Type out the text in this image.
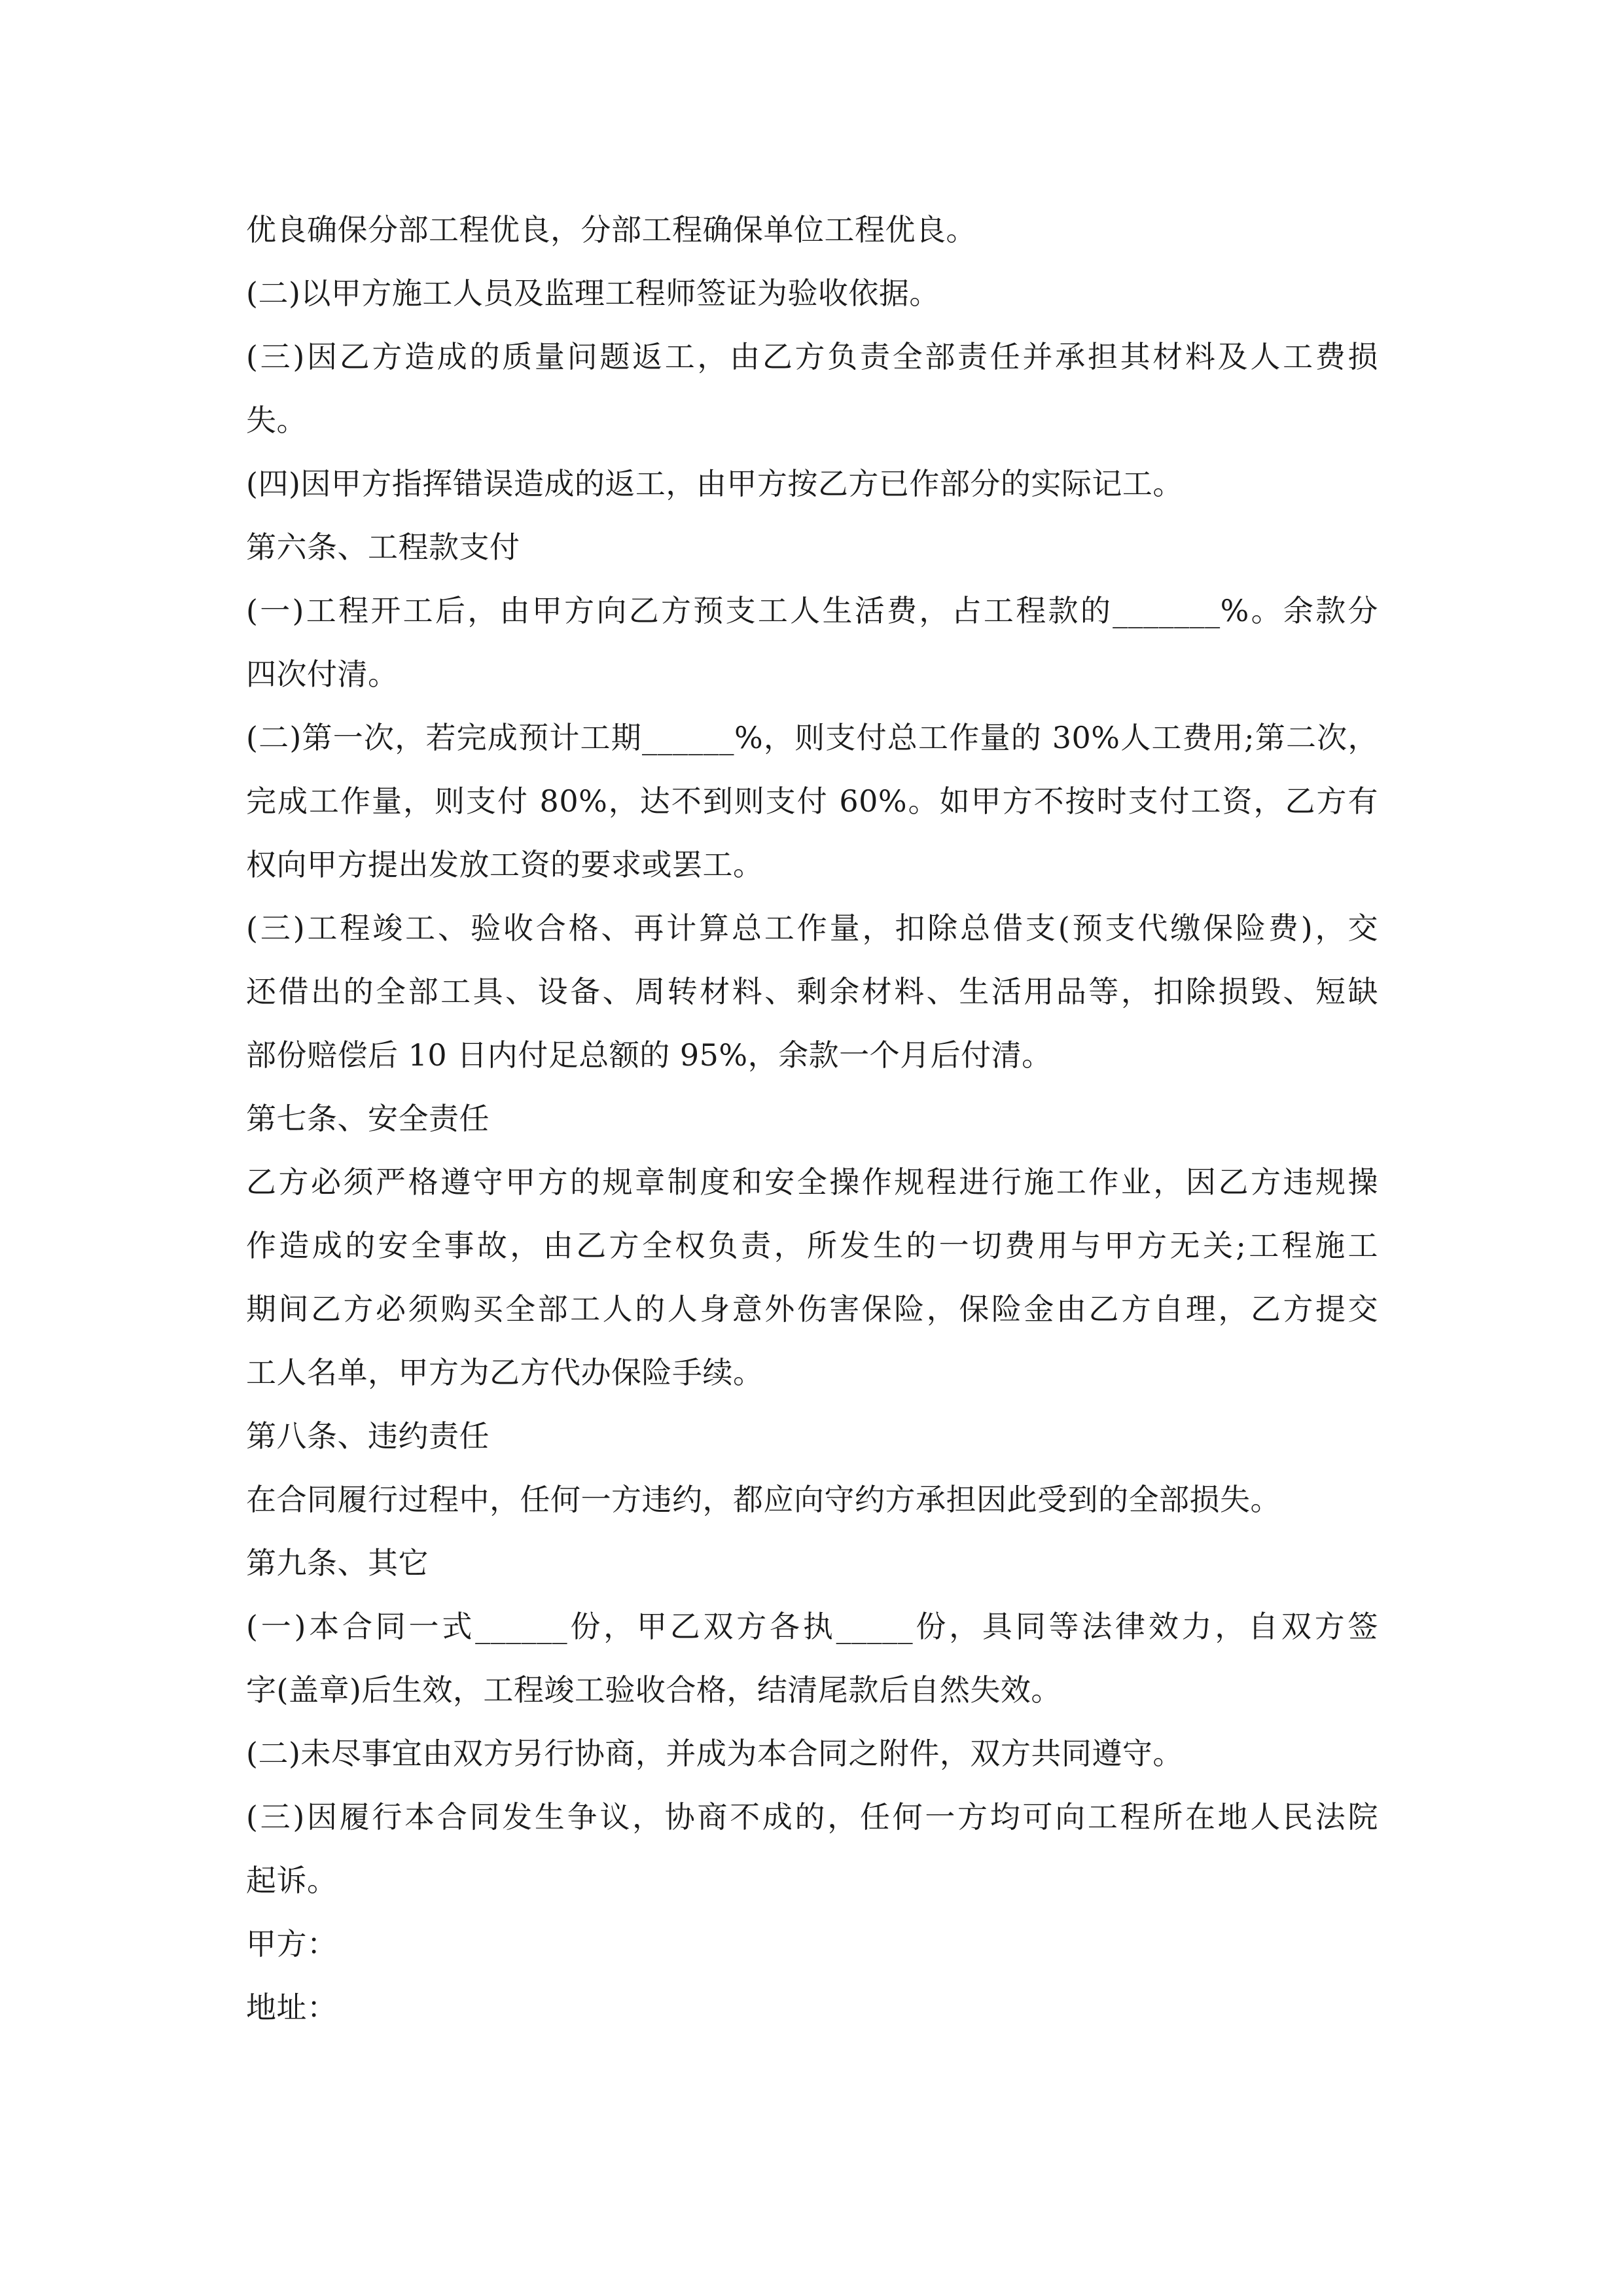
优良确保分部工程优良，分部工程确保单位工程优良。
(二)以甲方施工人员及监理工程师签证为验收依据。
(三)因乙方造成的质量问题返工，由乙方负责全部责任并承担其材料及人工费损
失。
(四)因甲方指挥错误造成的返工，由甲方按乙方已作部分的实际记工。
第六条、工程款支付
(一)工程开工后，由甲方向乙方预支工人生活费，占工程款的_______%。余款分
四次付清。
(二)第一次，若完成预计工期______%，则支付总工作量的 30%人工费用;第二次，
完成工作量，则支付 80%，达不到则支付 60%。如甲方不按时支付工资，乙方有
权向甲方提出发放工资的要求或罢工。
(三)工程竣工、验收合格、再计算总工作量，扣除总借支(预支代缴保险费)，交
还借出的全部工具、设备、周转材料、剩余材料、生活用品等，扣除损毁、短缺
部份赔偿后 10 日内付足总额的 95%，余款一个月后付清。
第七条、安全责任
乙方必须严格遵守甲方的规章制度和安全操作规程进行施工作业，因乙方违规操
作造成的安全事故，由乙方全权负责，所发生的一切费用与甲方无关;工程施工
期间乙方必须购买全部工人的人身意外伤害保险，保险金由乙方自理，乙方提交
工人名单，甲方为乙方代办保险手续。
第八条、违约责任
在合同履行过程中，任何一方违约，都应向守约方承担因此受到的全部损失。
第九条、其它
(一)本合同一式______份，甲乙双方各执_____份，具同等法律效力，自双方签
字(盖章)后生效，工程竣工验收合格，结清尾款后自然失效。
(二)未尽事宜由双方另行协商，并成为本合同之附件，双方共同遵守。
(三)因履行本合同发生争议，协商不成的，任何一方均可向工程所在地人民法院
起诉。
甲方：
地址：
